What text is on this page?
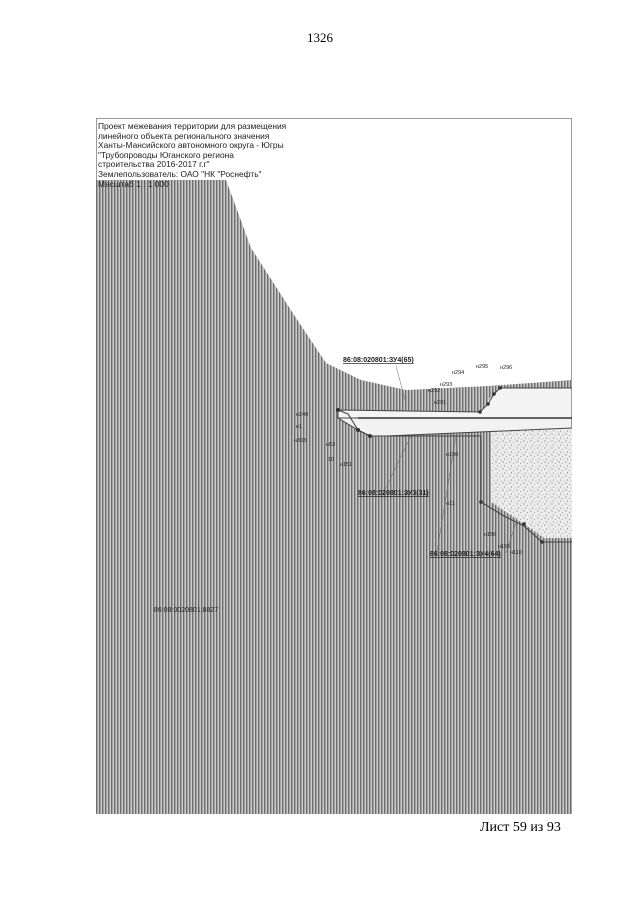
1326
86:08:020801:ЗУ4(65)
86:08:020801:ЗУ3(31)
86:08:020801:ЗУ4(64)
86:08:0020801:8827
н294
н295 н296
н293
н292
н291
н240
н1
н303
н53
10
н151
н150
н11
н156
н155
н110
Проект межевания территории для размещения
линейного объекта регионального значения
Ханты-Мансийского автономного округа - Югры
"Трубопроводы Юганского региона
строительства 2016-2017 г.г"
Землепользователь: ОАО "НК "Роснефть"
Масштаб 1 : 1 000
Лист 59 из 93
